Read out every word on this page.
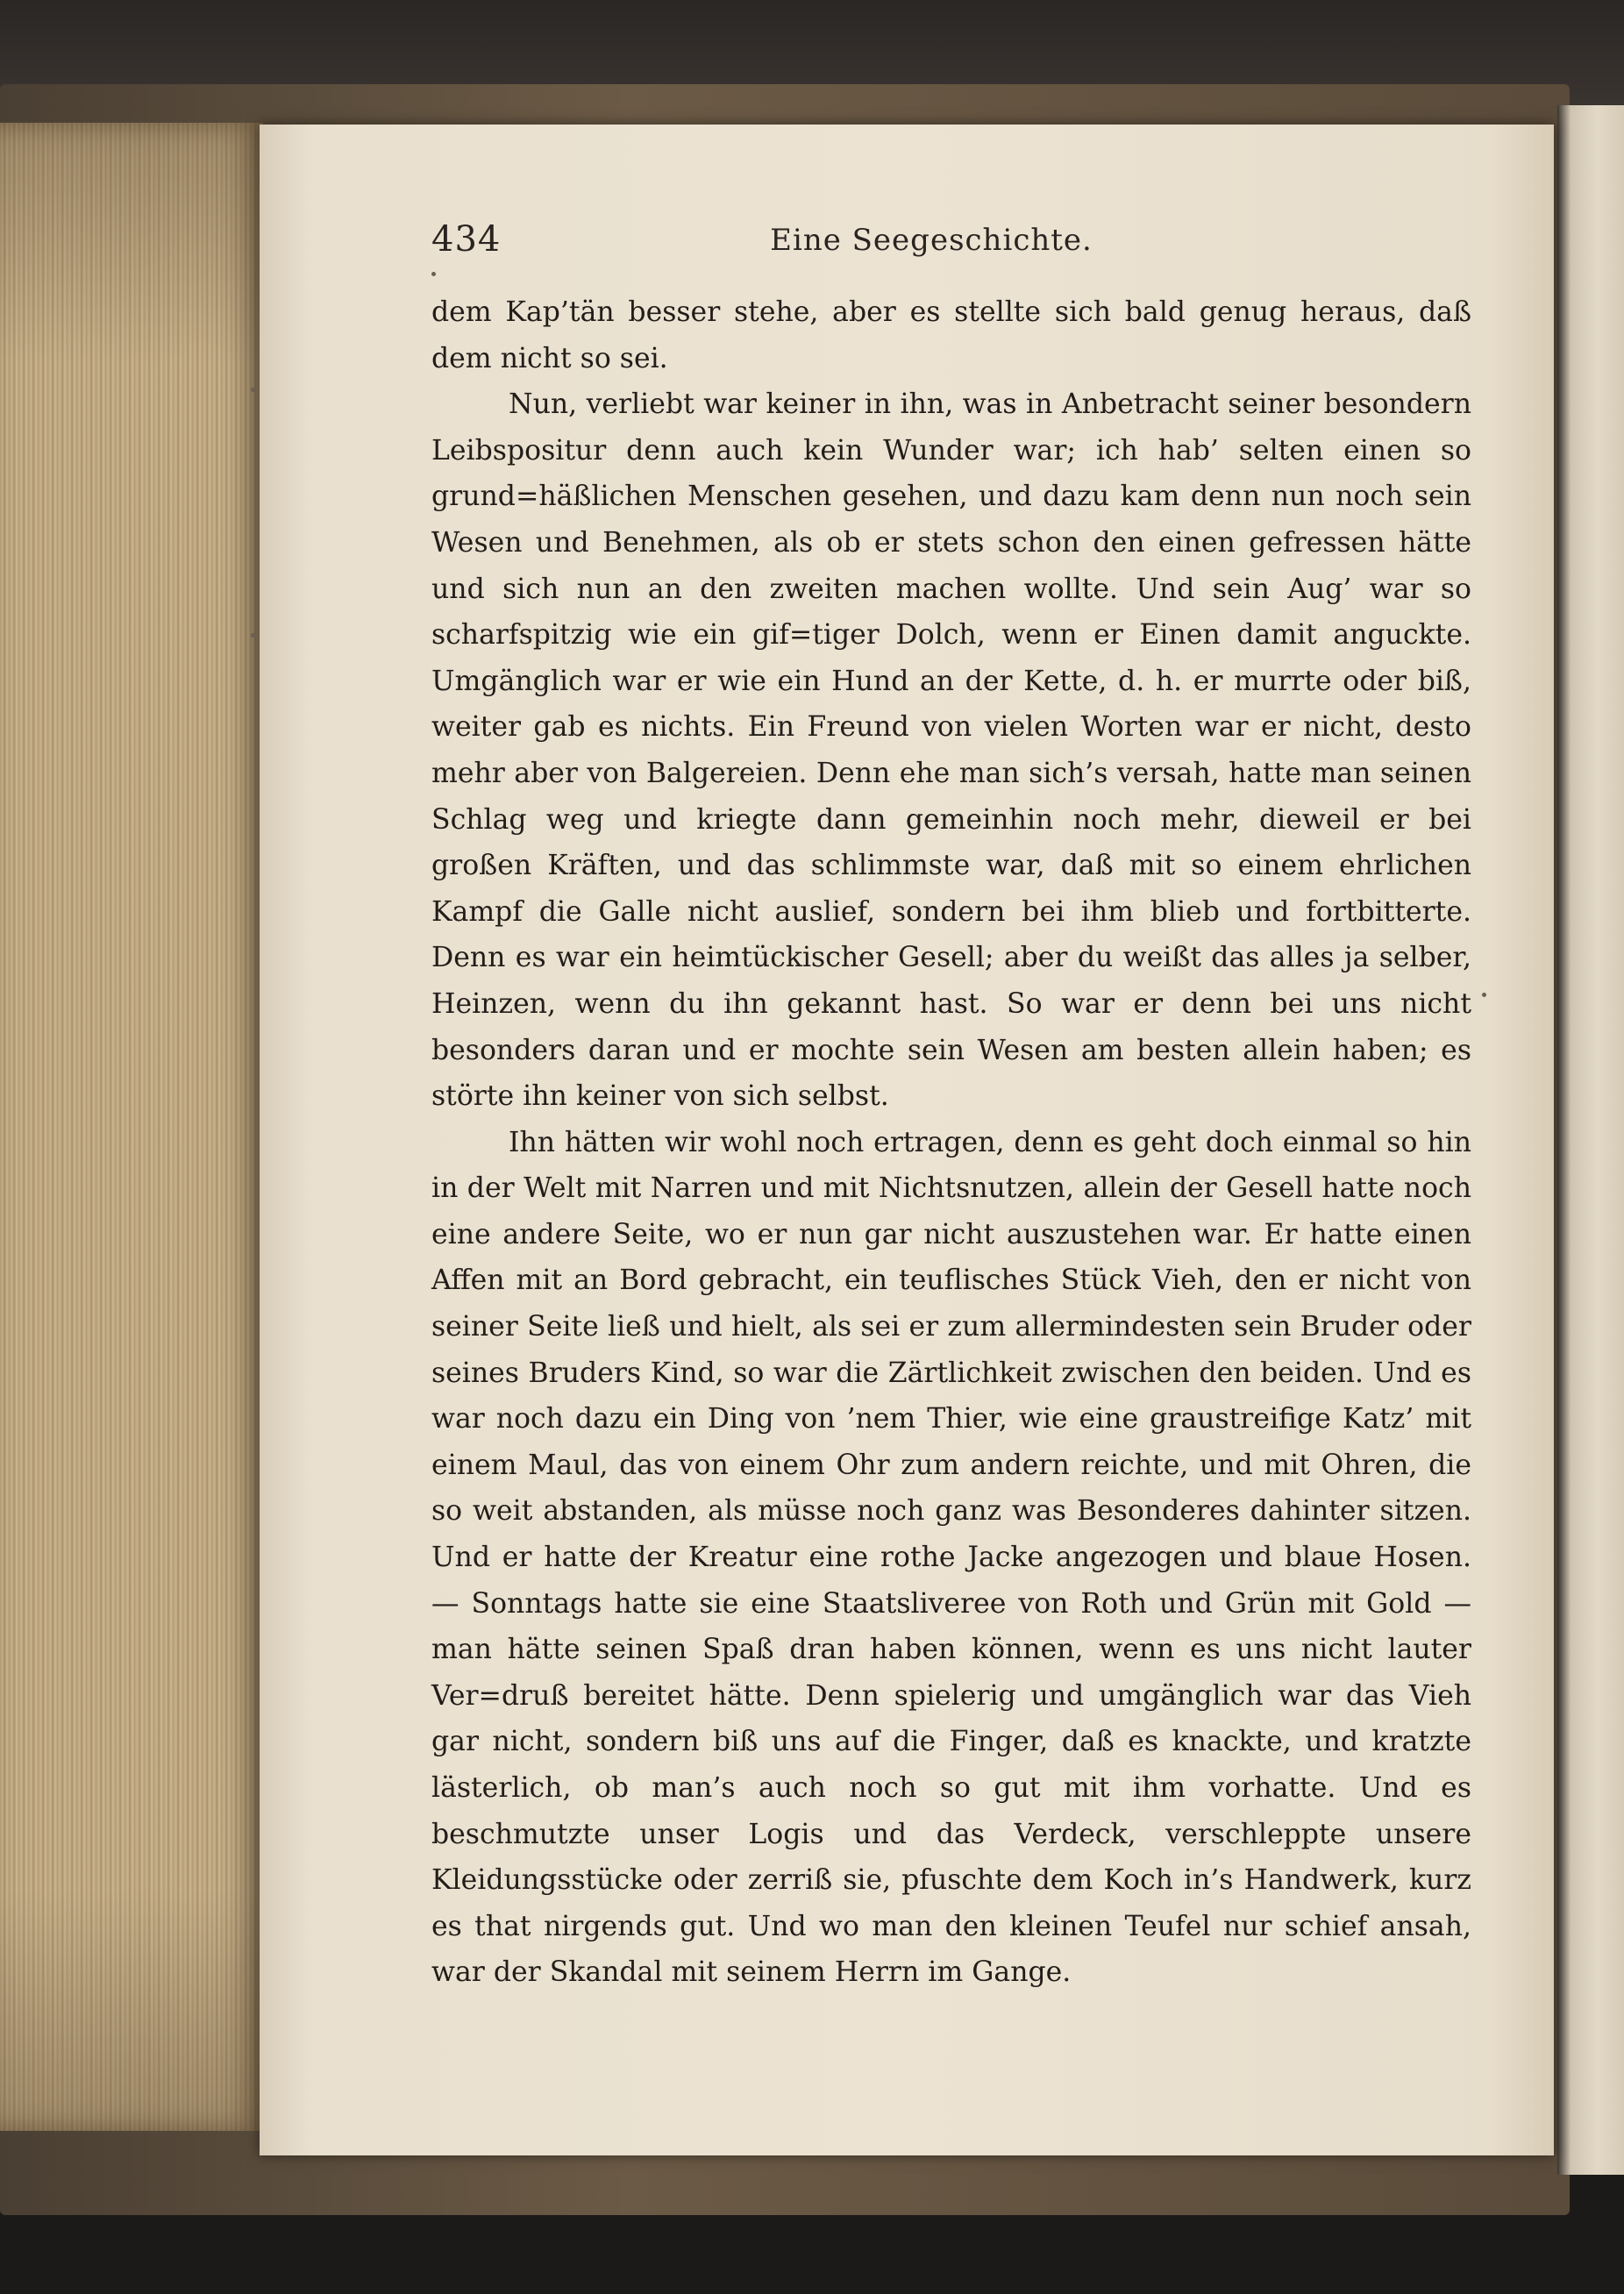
434	Eine Seegeschichte.

dem Kap’tän besser stehe, aber es stellte sich bald genug heraus, daß dem nicht so sei.

Nun, verliebt war keiner in ihn, was in Anbetracht seiner besondern Leibspositur denn auch kein Wunder war; ich hab’ selten einen so grund=häßlichen Menschen gesehen, und dazu kam denn nun noch sein Wesen und Benehmen, als ob er stets schon den einen gefressen hätte und sich nun an den zweiten machen wollte. Und sein Aug’ war so scharfspitzig wie ein gif=tiger Dolch, wenn er Einen damit anguckte. Umgänglich war er wie ein Hund an der Kette, d. h. er murrte oder biß, weiter gab es nichts. Ein Freund von vielen Worten war er nicht, desto mehr aber von Balgereien. Denn ehe man sich’s versah, hatte man seinen Schlag weg und kriegte dann gemeinhin noch mehr, dieweil er bei großen Kräften, und das schlimmste war, daß mit so einem ehrlichen Kampf die Galle nicht auslief, sondern bei ihm blieb und fortbitterte. Denn es war ein heimtückischer Gesell; aber du weißt das alles ja selber, Heinzen, wenn du ihn gekannt hast. So war er denn bei uns nicht besonders daran und er mochte sein Wesen am besten allein haben; es störte ihn keiner von sich selbst.

Ihn hätten wir wohl noch ertragen, denn es geht doch einmal so hin in der Welt mit Narren und mit Nichtsnutzen, allein der Gesell hatte noch eine andere Seite, wo er nun gar nicht auszustehen war. Er hatte einen Affen mit an Bord gebracht, ein teuflisches Stück Vieh, den er nicht von seiner Seite ließ und hielt, als sei er zum allermindesten sein Bruder oder seines Bruders Kind, so war die Zärtlichkeit zwischen den beiden. Und es war noch dazu ein Ding von ’nem Thier, wie eine graustreifige Katz’ mit einem Maul, das von einem Ohr zum andern reichte, und mit Ohren, die so weit abstanden, als müsse noch ganz was Besonderes dahinter sitzen. Und er hatte der Kreatur eine rothe Jacke angezogen und blaue Hosen. — Sonntags hatte sie eine Staatsliveree von Roth und Grün mit Gold — man hätte seinen Spaß dran haben können, wenn es uns nicht lauter Ver=druß bereitet hätte. Denn spielerig und umgänglich war das Vieh gar nicht, sondern biß uns auf die Finger, daß es knackte, und kratzte lästerlich, ob man’s auch noch so gut mit ihm vorhatte. Und es beschmutzte unser Logis und das Verdeck, verschleppte unsere Kleidungsstücke oder zerriß sie, pfuschte dem Koch in’s Handwerk, kurz es that nirgends gut. Und wo man den kleinen Teufel nur schief ansah, war der Skandal mit seinem Herrn im Gange.
